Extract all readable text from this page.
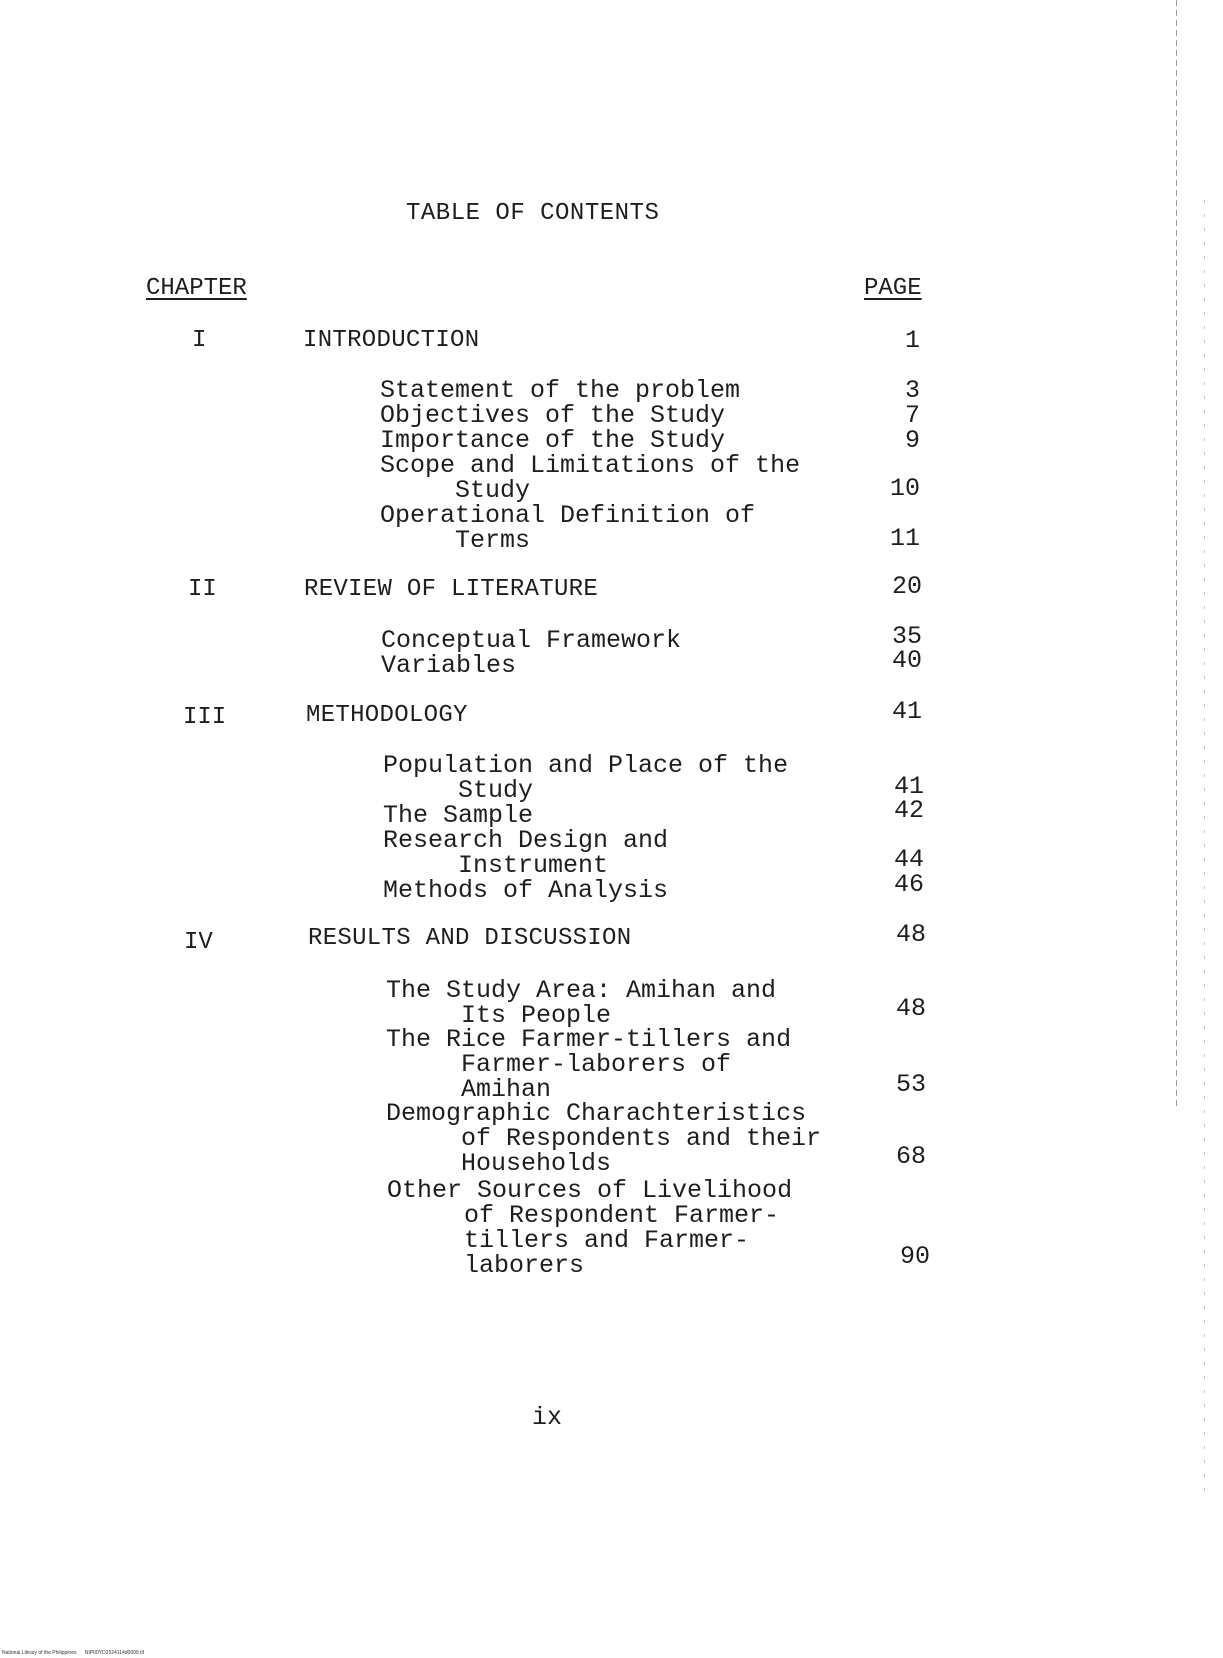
TABLE OF CONTENTS
CHAPTER	PAGE
I	INTRODUCTION	1
Statement of the problem	3
Objectives of the Study	7
Importance of the Study	9
Scope and Limitations of the
Study	10
Operational Definition of
Terms	11
II	REVIEW OF LITERATURE	20
Conceptual Framework	35
Variables	40
III	METHODOLOGY	41
Population and Place of the
Study	41
The Sample	42
Research Design and
Instrument	44
Methods of Analysis	46
IV	RESULTS AND DISCUSSION	48
The Study Area: Amihan and
Its People	48
The Rice Farmer-tillers and
Farmer-laborers of
Amihan	53
Demographic Charachteristics
of Respondents and their
Households	68
Other Sources of Livelihood
of Respondent Farmer-
tillers and Farmer-
laborers	90
ix
National Library of the Philippines NIP00YD2524114d0009.tif
